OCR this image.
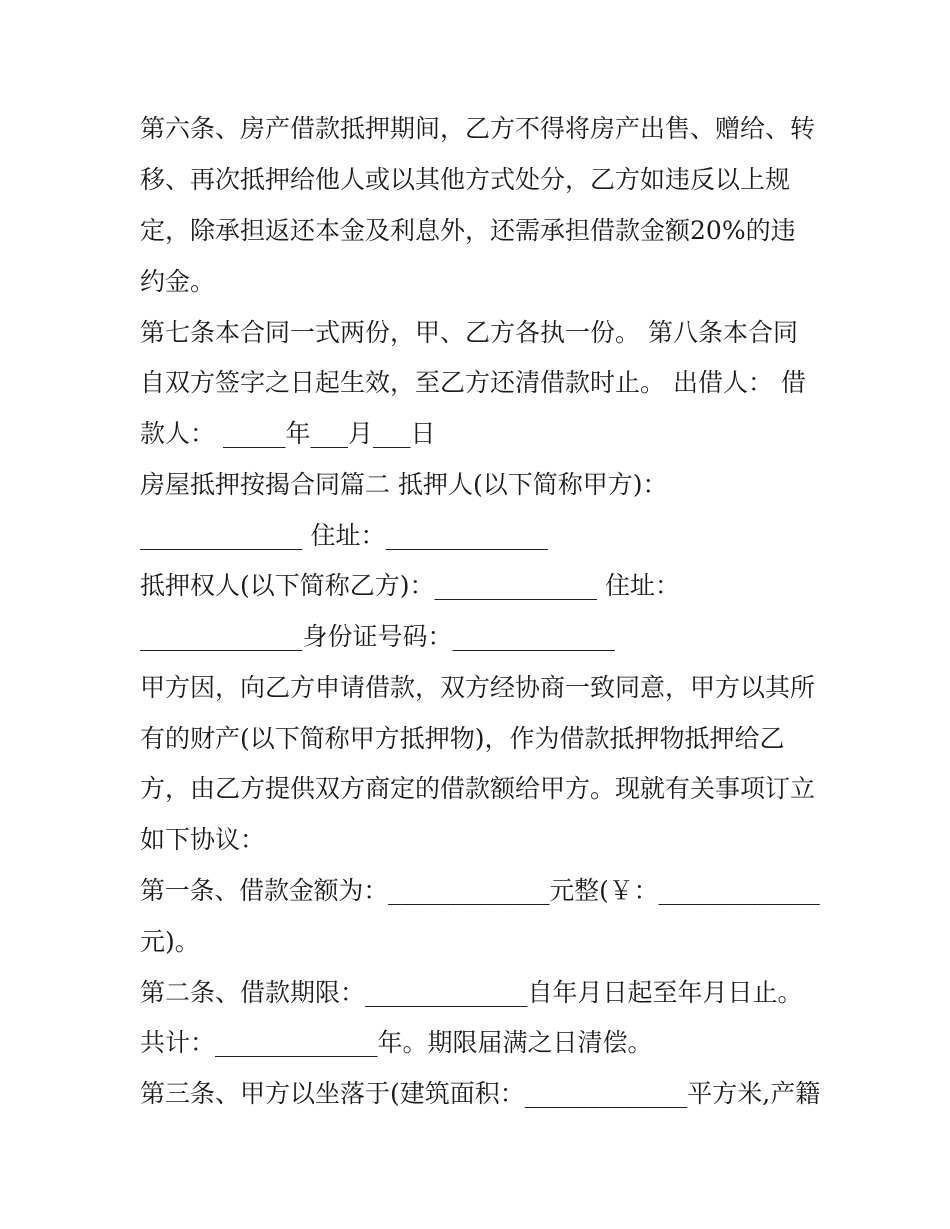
第六条、房产借款抵押期间，乙方不得将房产出售、赠给、转
移、再次抵押给他人或以其他方式处分，乙方如违反以上规
定，除承担返还本金及利息外，还需承担借款金额20%的违
约金。
第七条本合同一式两份，甲、乙方各执一份。 第八条本合同
自双方签字之日起生效，至乙方还清借款时止。 出借人： 借
款人： _____年___月___日
房屋抵押按揭合同篇二 抵押人(以下简称甲方)：
_____________ 住址：_____________
抵押权人(以下简称乙方)：_____________ 住址：
_____________身份证号码：_____________
甲方因，向乙方申请借款，双方经协商一致同意，甲方以其所
有的财产(以下简称甲方抵押物)，作为借款抵押物抵押给乙
方，由乙方提供双方商定的借款额给甲方。现就有关事项订立
如下协议：
第一条、借款金额为：_____________元整(￥：_____________
元)。
第二条、借款期限：_____________自年月日起至年月日止。
共计：_____________年。期限届满之日清偿。
第三条、甲方以坐落于(建筑面积：_____________平方米,产籍
